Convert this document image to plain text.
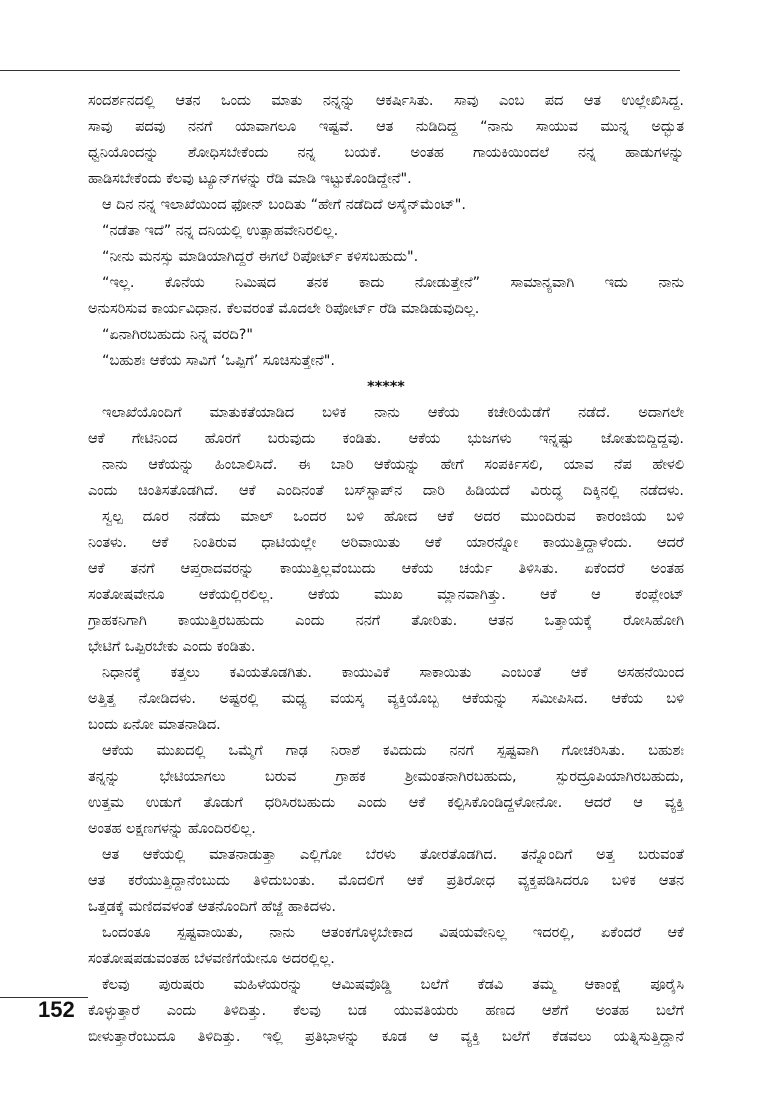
ಸಂದರ್ಶನದಲ್ಲಿ ಆತನ ಒಂದು ಮಾತು ನನ್ನನ್ನು ಆಕರ್ಷಿಸಿತು. ಸಾವು ಎಂಬ ಪದ ಆತ ಉಲ್ಲೇಖಿಸಿದ್ದ.
ಸಾವು ಪದವು ನನಗೆ ಯಾವಾಗಲೂ ಇಷ್ಟವೆ. ಆತ ನುಡಿದಿದ್ದ “ನಾನು ಸಾಯುವ ಮುನ್ನ ಅದ್ಭುತ
ಧ್ವನಿಯೊಂದನ್ನು ಶೋಧಿಸಬೇಕೆಂದು ನನ್ನ ಬಯಕೆ. ಅಂತಹ ಗಾಯಕಿಯಿಂದಲೆ ನನ್ನ ಹಾಡುಗಳನ್ನು
ಹಾಡಿಸಬೇಕೆಂದು ಕೆಲವು ಟ್ಯೂನ್‌ಗಳನ್ನು ರೆಡಿ ಮಾಡಿ ಇಟ್ಟುಕೊಂಡಿದ್ದೇನೆ".
ಆ ದಿನ ನನ್ನ ಇಲಾಖೆಯಿಂದ ಫೋನ್ ಬಂದಿತು “ಹೇಗೆ ನಡೆದಿದೆ ಅಸೈನ್‌ಮೆಂಟ್".
“ನಡೆತಾ ಇದೆ” ನನ್ನ ದನಿಯಲ್ಲಿ ಉತ್ಸಾಹವೇನಿರಲಿಲ್ಲ.
“ನೀನು ಮನಸ್ಸು ಮಾಡಿಯಾಗಿದ್ದರೆ ಈಗಲೆ ರಿಪೋರ್ಟ್ ಕಳಿಸಬಹುದು".
“ಇಲ್ಲ. ಕೊನೆಯ ನಿಮಿಷದ ತನಕ ಕಾದು ನೋಡುತ್ತೇನೆ” ಸಾಮಾನ್ಯವಾಗಿ ಇದು ನಾನು
ಅನುಸರಿಸುವ ಕಾರ್ಯವಿಧಾನ. ಕೆಲವರಂತೆ ಮೊದಲೇ ರಿಪೋರ್ಟ್ ರೆಡಿ ಮಾಡಿಡುವುದಿಲ್ಲ.
“ಏನಾಗಿರಬಹುದು ನಿನ್ನ ವರದಿ?"
“ಬಹುಶಃ ಆಕೆಯ ಸಾವಿಗೆ ‘ಒಪ್ಪಿಗೆ’ ಸೂಚಿಸುತ್ತೇನೆ".
*****
ಇಲಾಖೆಯೊಂದಿಗೆ ಮಾತುಕತೆಯಾಡಿದ ಬಳಿಕ ನಾನು ಆಕೆಯ ಕಚೇರಿಯೆಡೆಗೆ ನಡೆದೆ. ಅದಾಗಲೇ
ಆಕೆ ಗೇಟಿನಿಂದ ಹೊರಗೆ ಬರುವುದು ಕಂಡಿತು. ಆಕೆಯ ಭುಜಗಳು ಇನ್ನಷ್ಟು ಜೋತುಬಿದ್ದಿದ್ದವು.
ನಾನು ಆಕೆಯನ್ನು ಹಿಂಬಾಲಿಸಿದೆ. ಈ ಬಾರಿ ಆಕೆಯನ್ನು ಹೇಗೆ ಸಂಪರ್ಕಿಸಲಿ, ಯಾವ ನೆಪ ಹೇಳಲಿ
ಎಂದು ಚಿಂತಿಸತೊಡಗಿದೆ. ಆಕೆ ಎಂದಿನಂತೆ ಬಸ್‌ಸ್ಟಾಪ್‌ನ ದಾರಿ ಹಿಡಿಯದೆ ವಿರುದ್ಧ ದಿಕ್ಕಿನಲ್ಲಿ ನಡೆದಳು.
ಸ್ವಲ್ಪ ದೂರ ನಡೆದು ಮಾಲ್ ಒಂದರ ಬಳಿ ಹೋದ ಆಕೆ ಅದರ ಮುಂದಿರುವ ಕಾರಂಜಿಯ ಬಳಿ
ನಿಂತಳು. ಆಕೆ ನಿಂತಿರುವ ಧಾಟಿಯಲ್ಲೇ ಅರಿವಾಯಿತು ಆಕೆ ಯಾರನ್ನೋ ಕಾಯುತ್ತಿದ್ದಾಳೆಂದು. ಆದರೆ
ಆಕೆ ತನಗೆ ಆಪ್ತರಾದವರನ್ನು ಕಾಯುತ್ತಿಲ್ಲವೆಂಬುದು ಆಕೆಯ ಚರ್ಯೆ ತಿಳಿಸಿತು. ಏಕೆಂದರೆ ಅಂತಹ
ಸಂತೋಷವೇನೂ ಆಕೆಯಲ್ಲಿರಲಿಲ್ಲ. ಆಕೆಯ ಮುಖ ಮ್ಲಾನವಾಗಿತ್ತು. ಆಕೆ ಆ ಕಂಪ್ಲೇಂಟ್
ಗ್ರಾಹಕನಿಗಾಗಿ ಕಾಯುತ್ತಿರಬಹುದು ಎಂದು ನನಗೆ ತೋರಿತು. ಆತನ ಒತ್ತಾಯಕ್ಕೆ ರೋಸಿಹೋಗಿ
ಭೇಟಿಗೆ ಒಪ್ಪಿರಬೇಕು ಎಂದು ಕಂಡಿತು.
ನಿಧಾನಕ್ಕೆ ಕತ್ತಲು ಕವಿಯತೊಡಗಿತು. ಕಾಯುವಿಕೆ ಸಾಕಾಯಿತು ಎಂಬಂತೆ ಆಕೆ ಅಸಹನೆಯಿಂದ
ಅತ್ತಿತ್ತ ನೋಡಿದಳು. ಅಷ್ಟರಲ್ಲಿ ಮಧ್ಯ ವಯಸ್ಕ ವ್ಯಕ್ತಿಯೊಬ್ಬ ಆಕೆಯನ್ನು ಸಮೀಪಿಸಿದ. ಆಕೆಯ ಬಳಿ
ಬಂದು ಏನೋ ಮಾತನಾಡಿದ.
ಆಕೆಯ ಮುಖದಲ್ಲಿ ಒಮ್ಮೆಗೆ ಗಾಢ ನಿರಾಶೆ ಕವಿದುದು ನನಗೆ ಸ್ಪಷ್ಟವಾಗಿ ಗೋಚರಿಸಿತು. ಬಹುಶಃ
ತನ್ನನ್ನು ಭೇಟಿಯಾಗಲು ಬರುವ ಗ್ರಾಹಕ ಶ್ರೀಮಂತನಾಗಿರಬಹುದು, ಸ್ಪುರದ್ರೂಪಿಯಾಗಿರಬಹುದು,
ಉತ್ತಮ ಉಡುಗೆ ತೊಡುಗೆ ಧರಿಸಿರಬಹುದು ಎಂದು ಆಕೆ ಕಲ್ಪಿಸಿಕೊಂಡಿದ್ದಳೋನೋ. ಆದರೆ ಆ ವ್ಯಕ್ತಿ
ಅಂತಹ ಲಕ್ಷಣಗಳನ್ನು ಹೊಂದಿರಲಿಲ್ಲ.
ಆತ ಆಕೆಯಲ್ಲಿ ಮಾತನಾಡುತ್ತಾ ಎಲ್ಲಿಗೋ ಬೆರಳು ತೋರತೊಡಗಿದ. ತನ್ನೊಂದಿಗೆ ಅತ್ತ ಬರುವಂತೆ
ಆತ ಕರೆಯುತ್ತಿದ್ದಾನೆಂಬುದು ತಿಳಿದುಬಂತು. ಮೊದಲಿಗೆ ಆಕೆ ಪ್ರತಿರೋಧ ವ್ಯಕ್ತಪಡಿಸಿದರೂ ಬಳಿಕ ಆತನ
ಒತ್ತಡಕ್ಕೆ ಮಣಿದವಳಂತೆ ಆತನೊಂದಿಗೆ ಹೆಜ್ಜೆ ಹಾಕಿದಳು.
ಒಂದಂತೂ ಸ್ಪಷ್ಟವಾಯಿತು, ನಾನು ಆತಂಕಗೊಳ್ಳಬೇಕಾದ ವಿಷಯವೇನಿಲ್ಲ ಇದರಲ್ಲಿ, ಏಕೆಂದರೆ ಆಕೆ
ಸಂತೋಷಪಡುವಂತಹ ಬೆಳವಣಿಗೆಯೇನೂ ಅದರಲ್ಲಿಲ್ಲ.
ಕೆಲವು ಪುರುಷರು ಮಹಿಳೆಯರನ್ನು ಆಮಿಷವೊಡ್ಡಿ ಬಲೆಗೆ ಕೆಡವಿ ತಮ್ಮ ಆಕಾಂಕ್ಷೆ ಪೂರೈಸಿ
ಕೊಳ್ಳುತ್ತಾರೆ ಎಂದು ತಿಳಿದಿತ್ತು. ಕೆಲವು ಬಡ ಯುವತಿಯರು ಹಣದ ಆಶೆಗೆ ಅಂತಹ ಬಲೆಗೆ
ಬೀಳುತ್ತಾರೆಂಬುದೂ ತಿಳಿದಿತ್ತು. ಇಲ್ಲಿ ಪ್ರತಿಭಾಳನ್ನು ಕೂಡ ಆ ವ್ಯಕ್ತಿ ಬಲೆಗೆ ಕೆಡವಲು ಯತ್ನಿಸುತ್ತಿದ್ದಾನೆ
152
